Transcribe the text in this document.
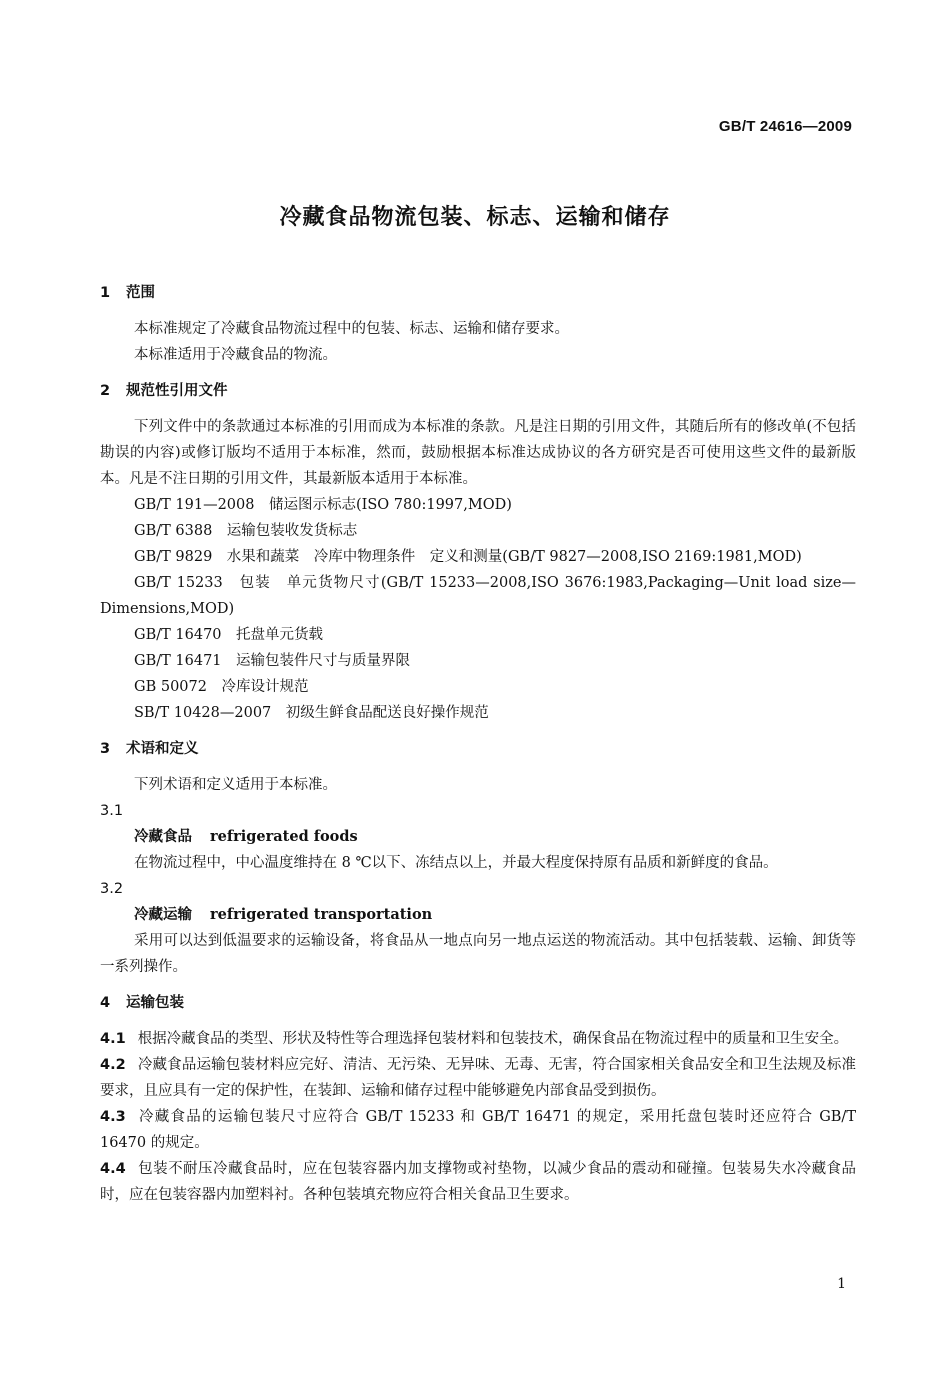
GB/T 24616—2009
冷藏食品物流包装、标志、运输和储存
1 范围
本标准规定了冷藏食品物流过程中的包装、标志、运输和储存要求。
本标准适用于冷藏食品的物流。
2 规范性引用文件
下列文件中的条款通过本标准的引用而成为本标准的条款。凡是注日期的引用文件，其随后所有的修改单(不包括勘误的内容)或修订版均不适用于本标准，然而，鼓励根据本标准达成协议的各方研究是否可使用这些文件的最新版本。凡是不注日期的引用文件，其最新版本适用于本标准。
GB/T 191—2008　储运图示标志(ISO 780:1997,MOD)
GB/T 6388　运输包装收发货标志
GB/T 9829　水果和蔬菜　冷库中物理条件　定义和测量(GB/T 9827—2008,ISO 2169:1981,MOD)
GB/T 15233　包装　单元货物尺寸(GB/T 15233—2008,ISO 3676:1983,Packaging—Unit load size—Dimensions,MOD)
GB/T 16470　托盘单元货载
GB/T 16471　运输包装件尺寸与质量界限
GB 50072　冷库设计规范
SB/T 10428—2007　初级生鲜食品配送良好操作规范
3 术语和定义
下列术语和定义适用于本标准。
3.1
冷藏食品 refrigerated foods
在物流过程中，中心温度维持在 8 ℃以下、冻结点以上，并最大程度保持原有品质和新鲜度的食品。
3.2
冷藏运输 refrigerated transportation
采用可以达到低温要求的运输设备，将食品从一地点向另一地点运送的物流活动。其中包括装载、运输、卸货等一系列操作。
4 运输包装
4.1 根据冷藏食品的类型、形状及特性等合理选择包装材料和包装技术，确保食品在物流过程中的质量和卫生安全。
4.2 冷藏食品运输包装材料应完好、清洁、无污染、无异味、无毒、无害，符合国家相关食品安全和卫生法规及标准要求，且应具有一定的保护性，在装卸、运输和储存过程中能够避免内部食品受到损伤。
4.3 冷藏食品的运输包装尺寸应符合 GB/T 15233 和 GB/T 16471 的规定，采用托盘包装时还应符合 GB/T 16470 的规定。
4.4 包装不耐压冷藏食品时，应在包装容器内加支撑物或衬垫物，以减少食品的震动和碰撞。包装易失水冷藏食品时，应在包装容器内加塑料衬。各种包装填充物应符合相关食品卫生要求。
1
